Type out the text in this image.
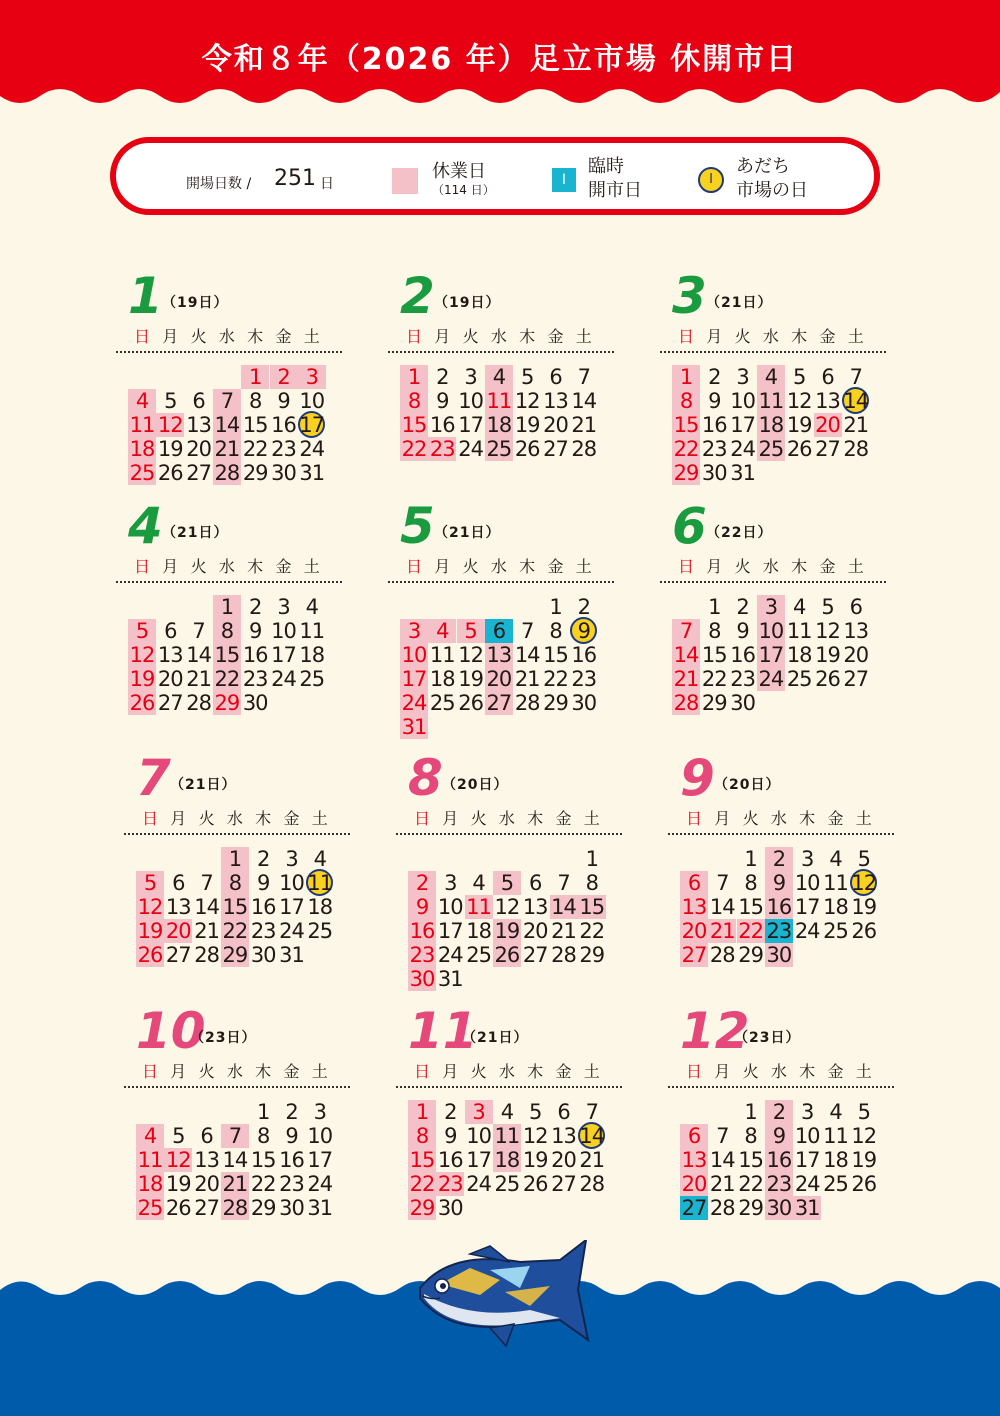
令和８年（2026 年）足立市場 休開市日
開場日数 / 251 日
休業日
（114 日）
I
臨時
開市日
I
あだち
市場の日
1 （19日）
日 月 火 水 木 金 土
1 2 3
4 5 6 7 8 9 10
11 12 13 14 15 16 17
18 19 20 21 22 23 24
25 26 27 28 29 30 31
2 （19日）
日 月 火 水 木 金 土
1 2 3 4 5 6 7
8 9 10 11 12 13 14
15 16 17 18 19 20 21
22 23 24 25 26 27 28
3 （21日）
日 月 火 水 木 金 土
1 2 3 4 5 6 7
8 9 10 11 12 13 14
15 16 17 18 19 20 21
22 23 24 25 26 27 28
29 30 31
4 （21日）
日 月 火 水 木 金 土
1 2 3 4
5 6 7 8 9 10 11
12 13 14 15 16 17 18
19 20 21 22 23 24 25
26 27 28 29 30
5 （21日）
日 月 火 水 木 金 土
1 2
3 4 5 6 7 8 9
10 11 12 13 14 15 16
17 18 19 20 21 22 23
24 25 26 27 28 29 30
31
6 （22日）
日 月 火 水 木 金 土
1 2 3 4 5 6
7 8 9 10 11 12 13
14 15 16 17 18 19 20
21 22 23 24 25 26 27
28 29 30
7 （21日）
日 月 火 水 木 金 土
1 2 3 4
5 6 7 8 9 10 11
12 13 14 15 16 17 18
19 20 21 22 23 24 25
26 27 28 29 30 31
8 （20日）
日 月 火 水 木 金 土
1
2 3 4 5 6 7 8
9 10 11 12 13 14 15
16 17 18 19 20 21 22
23 24 25 26 27 28 29
30 31
9 （20日）
日 月 火 水 木 金 土
1 2 3 4 5
6 7 8 9 10 11 12
13 14 15 16 17 18 19
20 21 22 23 24 25 26
27 28 29 30
10
（23日）
日 月 火 水 木 金 土
1 2 3
4 5 6 7 8 9 10
11 12 13 14 15 16 17
18 19 20 21 22 23 24
25 26 27 28 29 30 31
11
（21日）
日 月 火 水 木 金 土
1 2 3 4 5 6 7
8 9 10 11 12 13 14
15 16 17 18 19 20 21
22 23 24 25 26 27 28
29 30
12
（23日）
日 月 火 水 木 金 土
1 2 3 4 5
6 7 8 9 10 11 12
13 14 15 16 17 18 19
20 21 22 23 24 25 26
27 28 29 30 31
